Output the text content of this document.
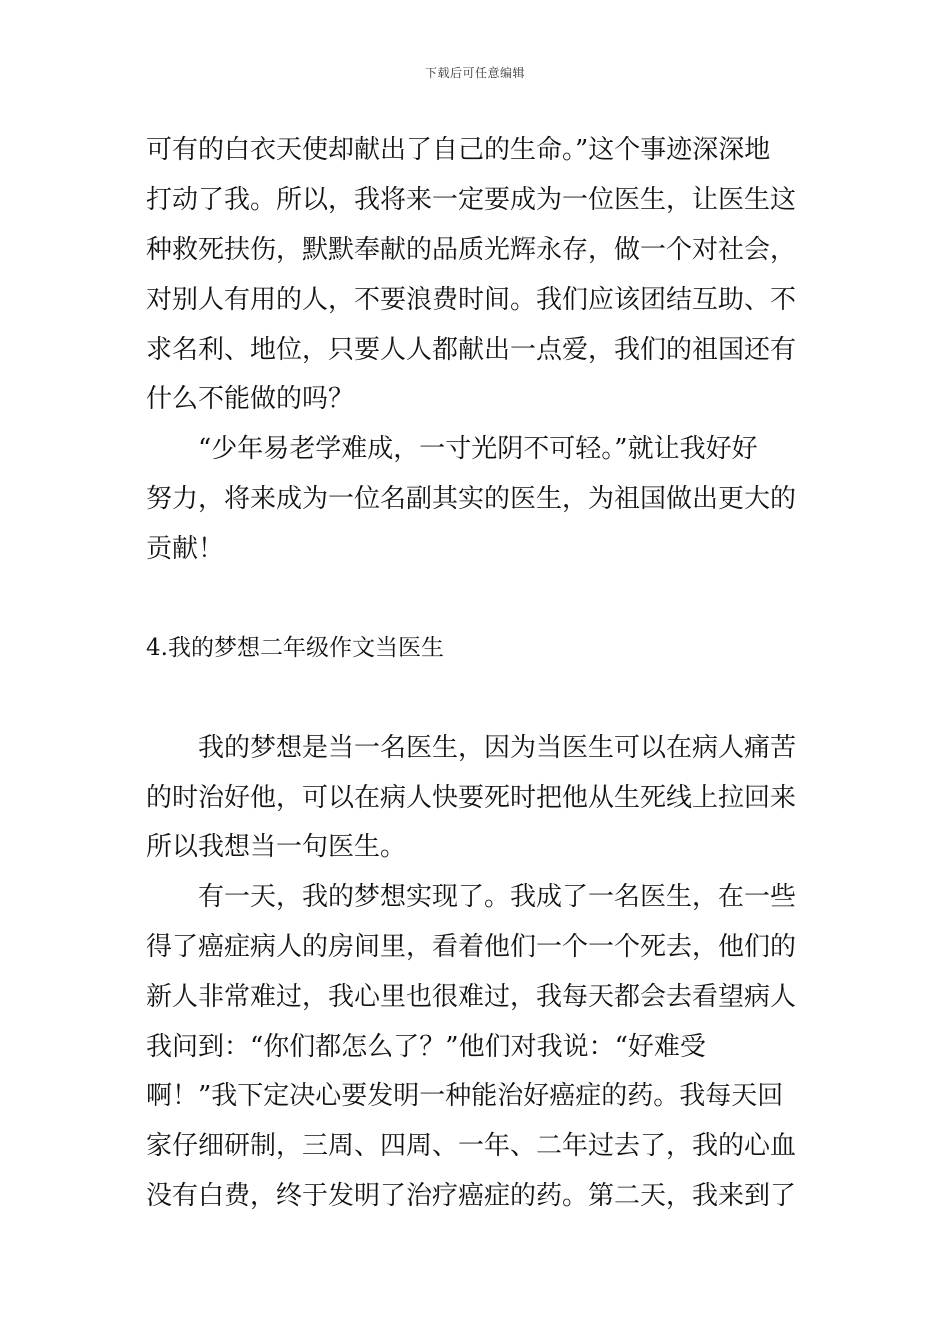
下载后可任意编辑
可有的白衣天使却献出了自己的生命。”这个事迹深深地
打动了我。所以，我将来一定要成为一位医生，让医生这
种救死扶伤，默默奉献的品质光辉永存，做一个对社会，
对别人有用的人，不要浪费时间。我们应该团结互助、不
求名利、地位，只要人人都献出一点爱，我们的祖国还有
什么不能做的吗？
“少年易老学难成，一寸光阴不可轻。”就让我好好
努力，将来成为一位名副其实的医生，为祖国做出更大的
贡献！
4.我的梦想二年级作文当医生
我的梦想是当一名医生，因为当医生可以在病人痛苦
的时治好他，可以在病人快要死时把他从生死线上拉回来
所以我想当一句医生。
有一天，我的梦想实现了。我成了一名医生，在一些
得了癌症病人的房间里，看着他们一个一个死去，他们的
新人非常难过，我心里也很难过，我每天都会去看望病人
我问到：“你们都怎么了？”他们对我说：“好难受
啊！”我下定决心要发明一种能治好癌症的药。我每天回
家仔细研制，三周、四周、一年、二年过去了，我的心血
没有白费，终于发明了治疗癌症的药。第二天，我来到了
